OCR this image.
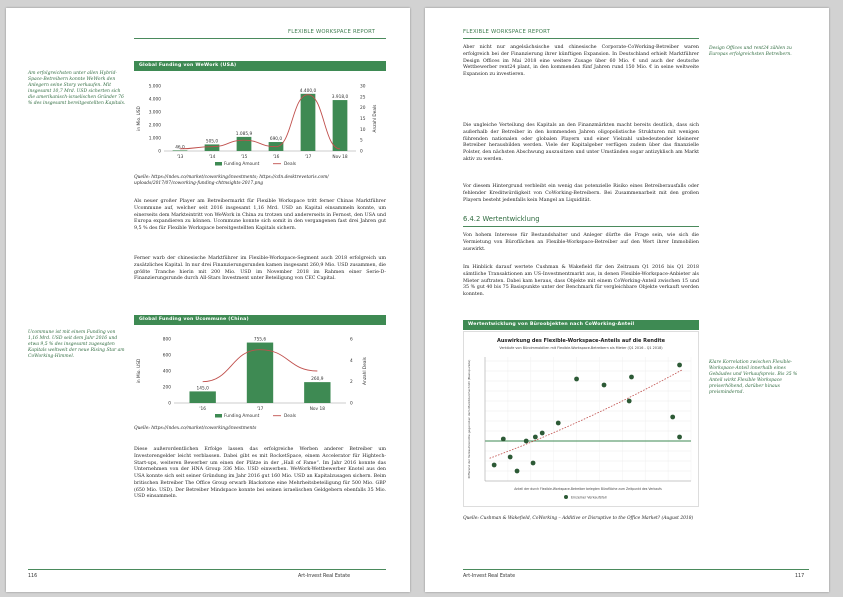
FLEXIBLE WORKSPACE REPORT
Global Funding von WeWork (USA)

Am erfolgreichsten unter allen Hybrid-Space-Betreibern konnte WeWork den Anlegern seine Story verkaufen. Mit insgesamt 10,7 Mrd. USD sicherten sich die amerikanisch-israelischen Gründer 76 % des insgesamt bereitgestellten Kapitals.

in Mio. USD	Anzahl Deals
0
1.000
2.000
3.000
4.000
5.000
0
5
10
15
20
25
30
46,0
'13
505,0
'14
1.085,9
'15
690,0
'16
4.400,0
'17
3.918,0
Nov 18
Funding Amount	Deals

Quelle: https://index.co/market/coworking/investments; https://cdn.desktrevetaris.com/ uploads/2017/07/coworking-funding-chtmsights-2017.png

Als neuer großer Player am Betreibermarkt für Flexible Workspace tritt ferner Chinas Marktführer Ucommune auf, welcher seit 2016 insgesamt 1,16 Mrd. USD an Kapital einsammeln konnte, um einerseits dem Markteintritt von WeWork in China zu trotzen und andererseits in Fernost, den USA und Europa expandieren zu können. Ucommune konnte sich somit in den vergangenen fast drei Jahren gut 9,5 % des für Flexible Workspace bereitgestellten Kapitals sichern.

Ferner warb der chinesische Marktführer im Flexible-Workspace-Segment auch 2018 erfolgreich um zusätzliches Kapital. In nur drei Finanzierungsrunden kamen insgesamt 260,9 Mio. USD zusammen, die größte Tranche hierin mit 200 Mio. USD im November 2018 im Rahmen einer Serie-D-Finanzierungsrunde durch All-Stars Investment unter Beteiligung von CEC Capital.

Global Funding von Ucommune (China)

Ucommune ist mit einem Funding von 1,16 Mrd. USD seit dem Jahr 2016 und etwa 9,5 % des insgesamt zugesagten Kapitals weltweit der neue Rising Star am CoWorking-Himmel.

in Mio. USD	Anzahl Deals
0
200
400
600
800
0
2
4
6
145,0
'16
755,6
'17
260,9
Nov 18
Funding Amount	Deals

Quelle: https://index.co/market/coworking/investments

Diese außerordentlichen Erfolge lassen das erfolgreiche Werben anderer Betreiber um Investorengelder leicht verblassen. Dabei gibt es mit RocketSpace, einem Accelerator für Hightech-Start-ups, weiteren Bewerber um einen der Plätze in der „Hall of Fame“. Im Jahr 2016 konnte das Unternehmen von der HNA Group 336 Mio. USD einwerben. WeWork-Wettbewerber Knotel aus den USA konnte sich seit seiner Gründung im Jahr 2016 gut 160 Mio. USD an Kapitalzusagen sichern. Beim britischen Betreiber The Office Group erwarb Blackstone eine Mehrheitsbeteiligung für 500 Mio. GBP (650 Mio. USD). Der Betreiber Mindspace konnte bei seinen israelischen Geldgebern ebenfalls 35 Mio. USD einsammeln.

116	Art-Invest Real Estate
FLEXIBLE WORKSPACE REPORT

Aber nicht nur angelsächsische und chinesische Corporate-CoWorking-Betreiber waren erfolgreich bei der Finanzierung ihrer künftigen Expansion. In Deutschland erhielt Marktführer Design Offices im Mai 2018 eine weitere Zusage über 60 Mio. € und auch der deutsche Wettbewerber rent24 plant, in den kommenden fünf Jahren rund 150 Mio. € in seine weltweite Expansion zu investieren.

Design Offices und rent24 zählen zu Europas erfolgreichsten Betreibern.

Die ungleiche Verteilung des Kapitals an den Finanzmärkten macht bereits deutlich, dass sich außerhalb der Betreiber in den kommenden Jahren oligopolistische Strukturen mit wenigen führenden nationalen oder globalen Playern und einer Vielzahl unbedeutender kleinerer Betreiber herausbilden werden. Viele der Kapitalgeber verfügen zudem über das finanzielle Polster, den nächsten Abschwung auszusitzen und unter Umständen sogar antizyklisch am Markt aktiv zu werden.

Vor diesem Hintergrund verbleibt ein wenig das potenzielle Risiko eines Betreiberausfalls oder fehlender Kreditwürdigkeit von CoWorking-Betreibern. Bei Zusammenarbeit mit den großen Playern besteht jedenfalls kein Mangel an Liquidität.

6.4.2 Wertentwicklung

Von hohem Interesse für Bestandshalter und Anleger dürfte die Frage sein, wie sich die Vermietung von Büroflächen an Flexible-Workspace-Betreiber auf den Wert ihrer Immobilien auswirkt.

Im Hinblick darauf wertete Cushman & Wakefield für den Zeitraum Q1 2016 bis Q1 2018 sämtliche Transaktionen am US-Investmentmarkt aus, in denen Flexible-Workspace-Anbieter als Mieter auftraten. Dabei kam heraus, dass Objekte mit einem CoWorking-Anteil zwischen 15 und 35 % gut 40 bis 75 Basispunkte unter der Benchmark für vergleichbare Objekte verkauft werden konnten.

Wertentwicklung von Büroobjekten nach CoWorking-Anteil
Auswirkung des Flexible-Workspace-Anteils auf die Rendite
Verkäufe von Büroimmobilien mit Flexible-Workspace-Betreibern als Mieter (Q1 2016 - Q1 2018)
Differenz der Verkaufsrendite gegenüber dem Marktdurchschnitt (Basispunkte)
Anteil der durch Flexible-Workspace-Betreiber belegten Bürofläche zum Zeitpunkt des Verkaufs
Einzelner Verkaufsfall

Klare Korrelation zwischen Flexible-Workspace-Anteil innerhalb eines Gebäudes und Verkaufspreis. Bis 35 % Anteil wirkt Flexible Workspace preiserhöhend, darüber hinaus preismindernd.

Quelle: Cushman & Wakefield, CoWorking – Additive or Disruptive to the Office Market? (August 2018)

Art-Invest Real Estate	117
